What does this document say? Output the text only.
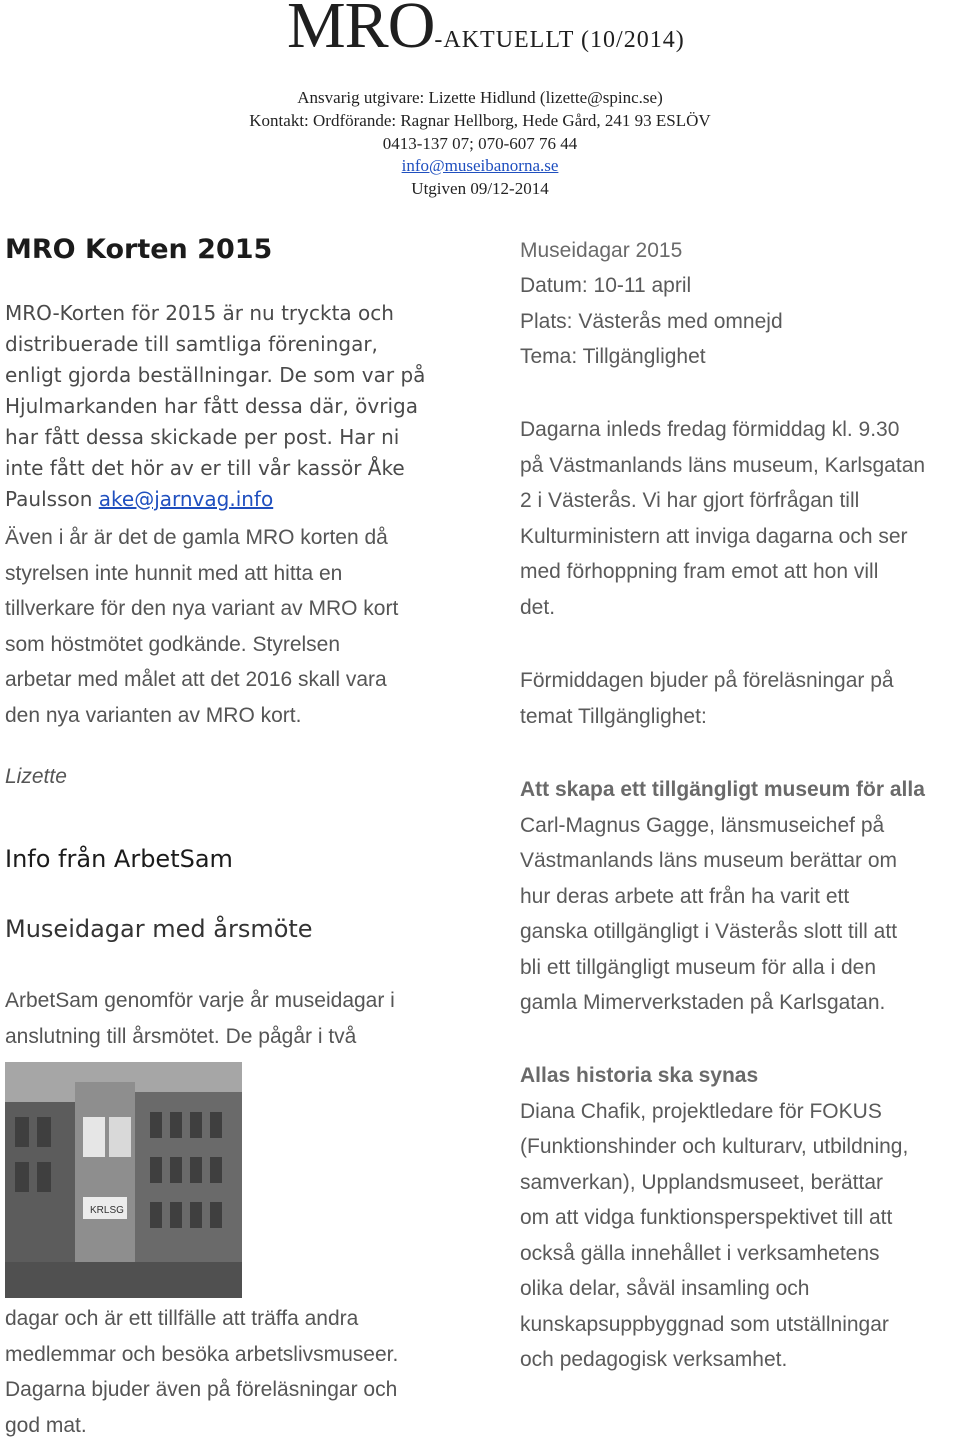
MRO-AKTUELLT (10/2014)
Ansvarig utgivare: Lizette Hidlund (lizette@spinc.se)
Kontakt: Ordförande: Ragnar Hellborg, Hede Gård, 241 93 ESLÖV
0413-137 07; 070-607 76 44
info@museibanorna.se
Utgiven 09/12-2014
MRO Korten 2015
MRO-Korten för 2015 är nu tryckta och
distribuerade till samtliga föreningar,
enligt gjorda beställningar. De som var på
Hjulmarkanden har fått dessa där, övriga
har fått dessa skickade per post. Har ni
inte fått det hör av er till vår kassör Åke
Paulsson ake@jarnvag.info
Även i år är det de gamla MRO korten då
styrelsen inte hunnit med att hitta en
tillverkare för den nya variant av MRO kort
som höstmötet godkände. Styrelsen
arbetar med målet att det 2016 skall vara
den nya varianten av MRO kort.
Lizette
Info från ArbetSam
Museidagar med årsmöte
ArbetSam genomför varje år museidagar i
anslutning till årsmötet. De pågår i två
dagar och är ett tillfälle att träffa andra
medlemmar och besöka arbetslivsmuseer.
Dagarna bjuder även på föreläsningar och
god mat.
KRLSG
Museidagar 2015
Datum: 10-11 april
Plats: Västerås med omnejd
Tema: Tillgänglighet
Dagarna inleds fredag förmiddag kl. 9.30
på Västmanlands läns museum, Karlsgatan
2 i Västerås. Vi har gjort förfrågan till
Kulturministern att inviga dagarna och ser
med förhoppning fram emot att hon vill
det.
Förmiddagen bjuder på föreläsningar på
temat Tillgänglighet:
Att skapa ett tillgängligt museum för alla
Carl-Magnus Gagge, länsmuseichef på
Västmanlands läns museum berättar om
hur deras arbete att från ha varit ett
ganska otillgängligt i Västerås slott till att
bli ett tillgängligt museum för alla i den
gamla Mimerverkstaden på Karlsgatan.
Allas historia ska synas
Diana Chafik, projektledare för FOKUS
(Funktionshinder och kulturarv, utbildning,
samverkan), Upplandsmuseet, berättar
om att vidga funktionsperspektivet till att
också gälla innehållet i verksamhetens
olika delar, såväl insamling och
kunskapsuppbyggnad som utställningar
och pedagogisk verksamhet.
